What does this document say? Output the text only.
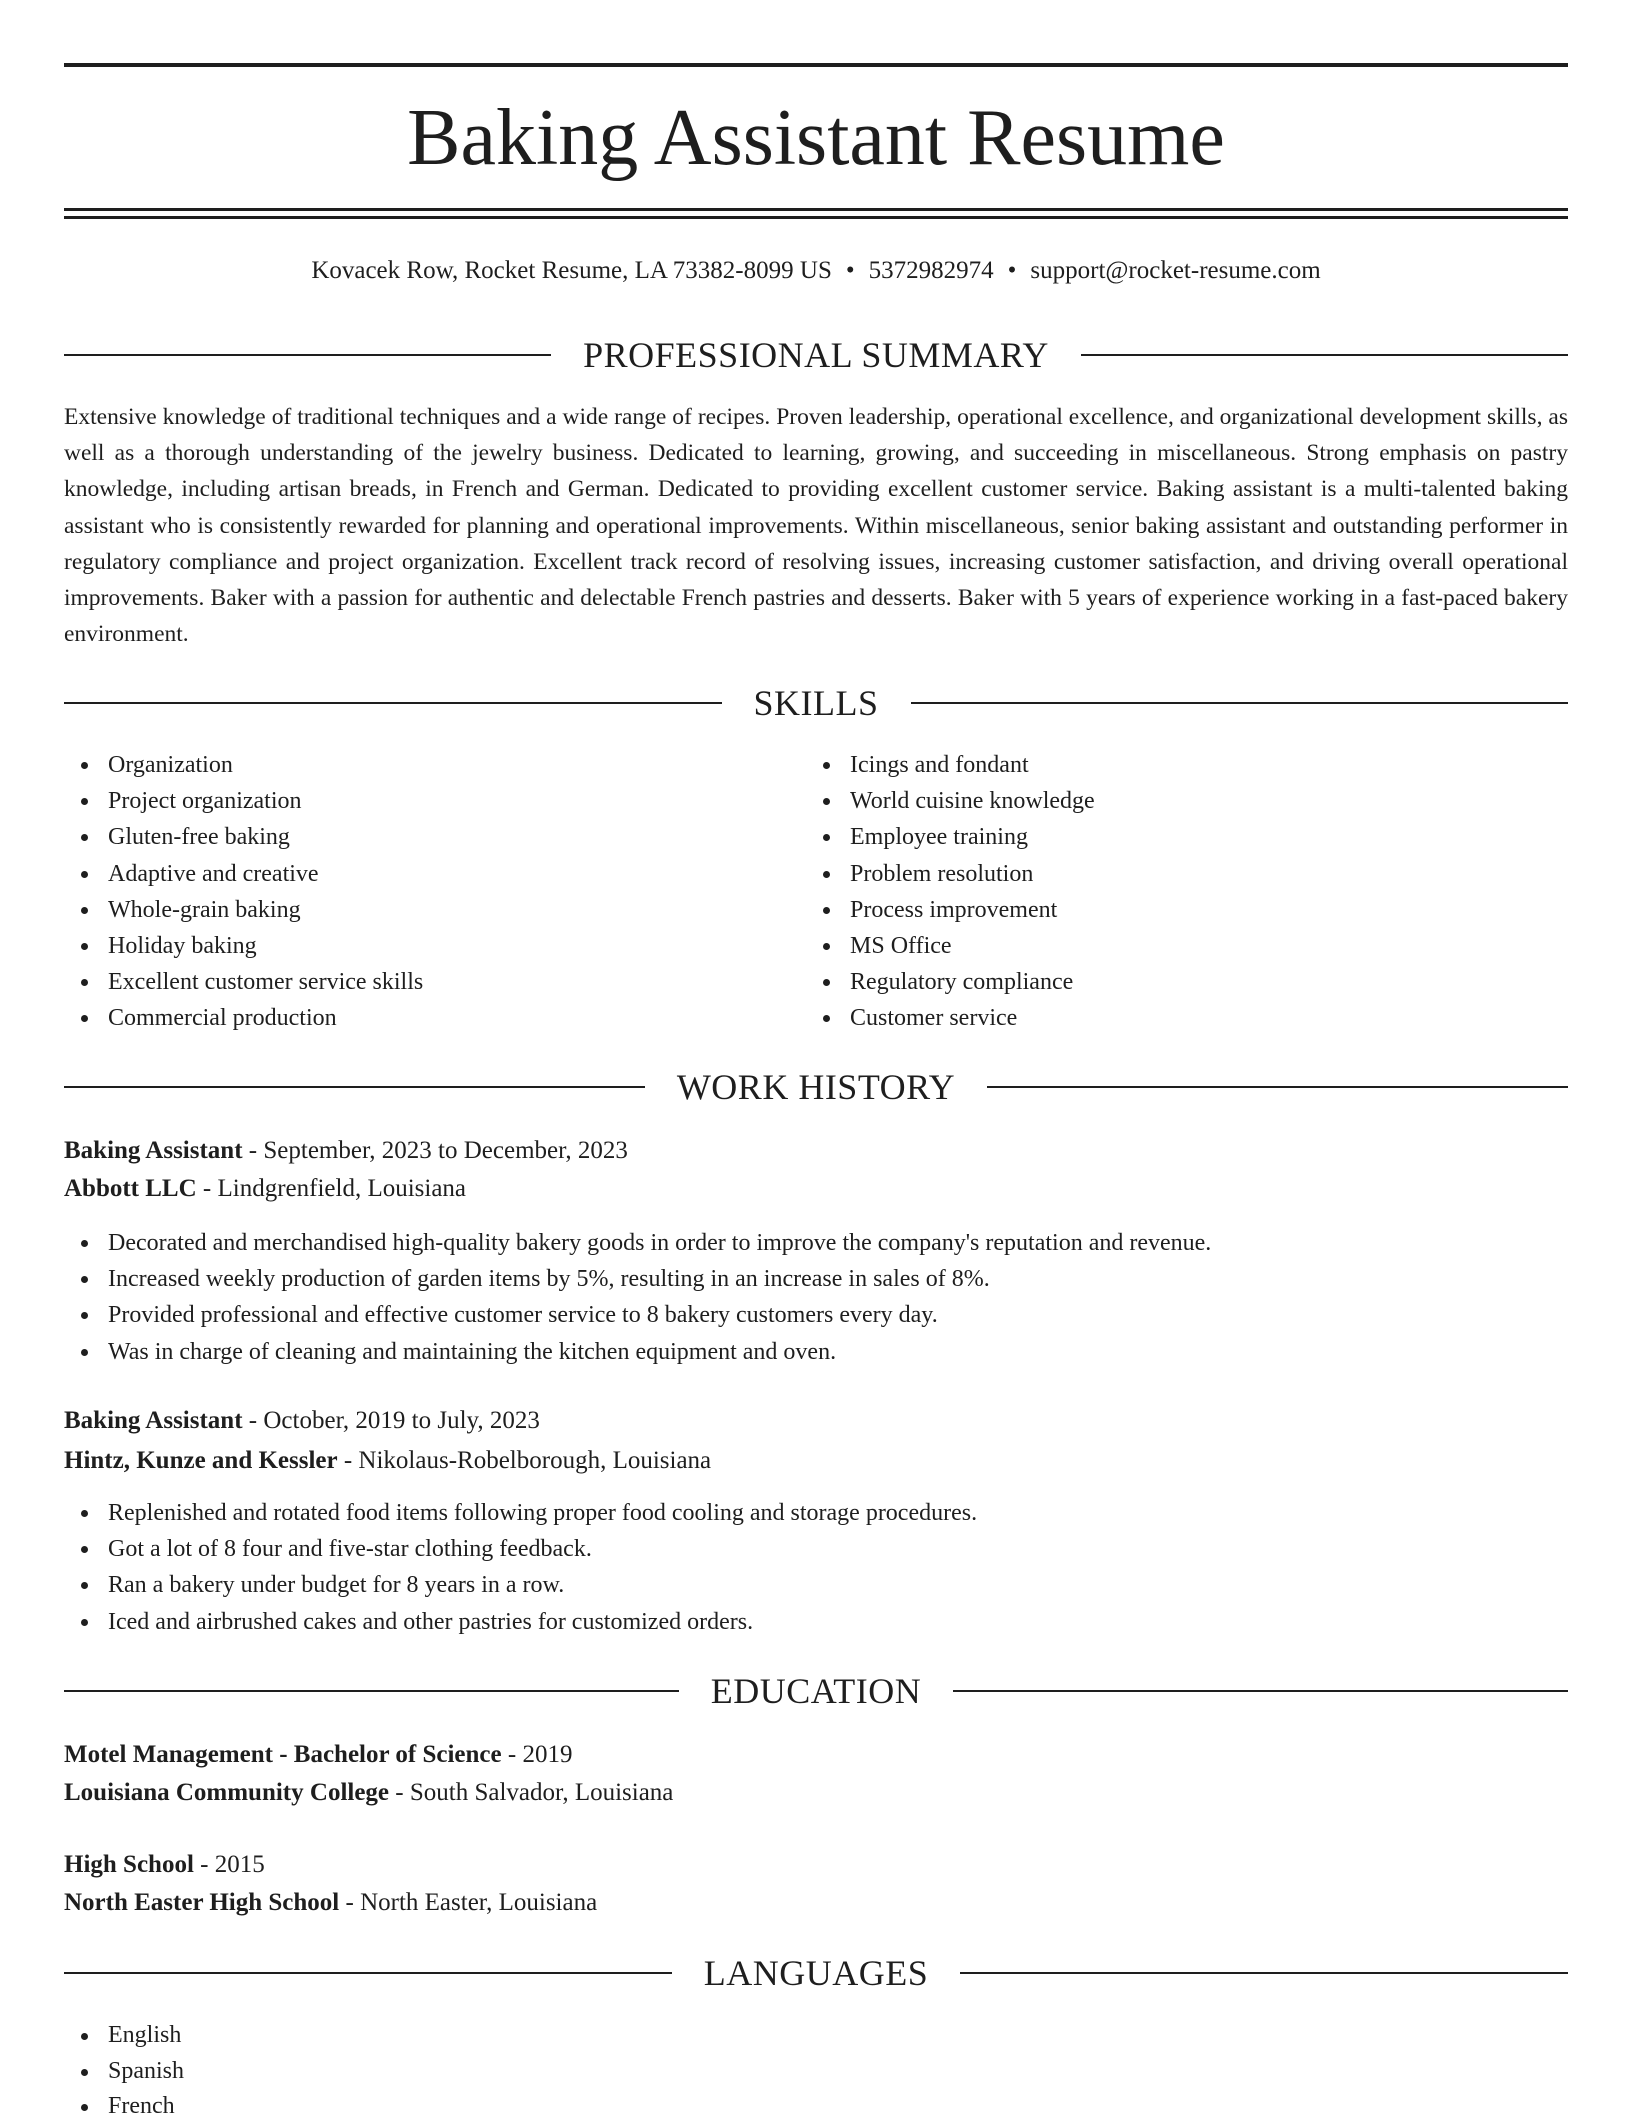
Baking Assistant Resume
Kovacek Row, Rocket Resume, LA 73382-8099 US • 5372982974 • support@rocket-resume.com
PROFESSIONAL SUMMARY

Extensive knowledge of traditional techniques and a wide range of recipes. Proven leadership, operational excellence, and organizational development skills, as well as a thorough understanding of the jewelry business. Dedicated to learning, growing, and succeeding in miscellaneous. Strong emphasis on pastry knowledge, including artisan breads, in French and German. Dedicated to providing excellent customer service. Baking assistant is a multi-talented baking assistant who is consistently rewarded for planning and operational improvements. Within miscellaneous, senior baking assistant and outstanding performer in regulatory compliance and project organization. Excellent track record of resolving issues, increasing customer satisfaction, and driving overall operational improvements. Baker with a passion for authentic and delectable French pastries and desserts. Baker with 5 years of experience working in a fast-paced bakery environment.

SKILLS
Organization
Project organization
Gluten-free baking
Adaptive and creative
Whole-grain baking
Holiday baking
Excellent customer service skills
Commercial production
Icings and fondant
World cuisine knowledge
Employee training
Problem resolution
Process improvement
MS Office
Regulatory compliance
Customer service
WORK HISTORY
Baking Assistant - September, 2023 to December, 2023
Abbott LLC - Lindgrenfield, Louisiana
Decorated and merchandised high-quality bakery goods in order to improve the company's reputation and revenue.
Increased weekly production of garden items by 5%, resulting in an increase in sales of 8%.
Provided professional and effective customer service to 8 bakery customers every day.
Was in charge of cleaning and maintaining the kitchen equipment and oven.
Baking Assistant - October, 2019 to July, 2023
Hintz, Kunze and Kessler - Nikolaus-Robelborough, Louisiana
Replenished and rotated food items following proper food cooling and storage procedures.
Got a lot of 8 four and five-star clothing feedback.
Ran a bakery under budget for 8 years in a row.
Iced and airbrushed cakes and other pastries for customized orders.
EDUCATION
Motel Management - Bachelor of Science - 2019
Louisiana Community College - South Salvador, Louisiana
High School - 2015
North Easter High School - North Easter, Louisiana
LANGUAGES
English
Spanish
French
